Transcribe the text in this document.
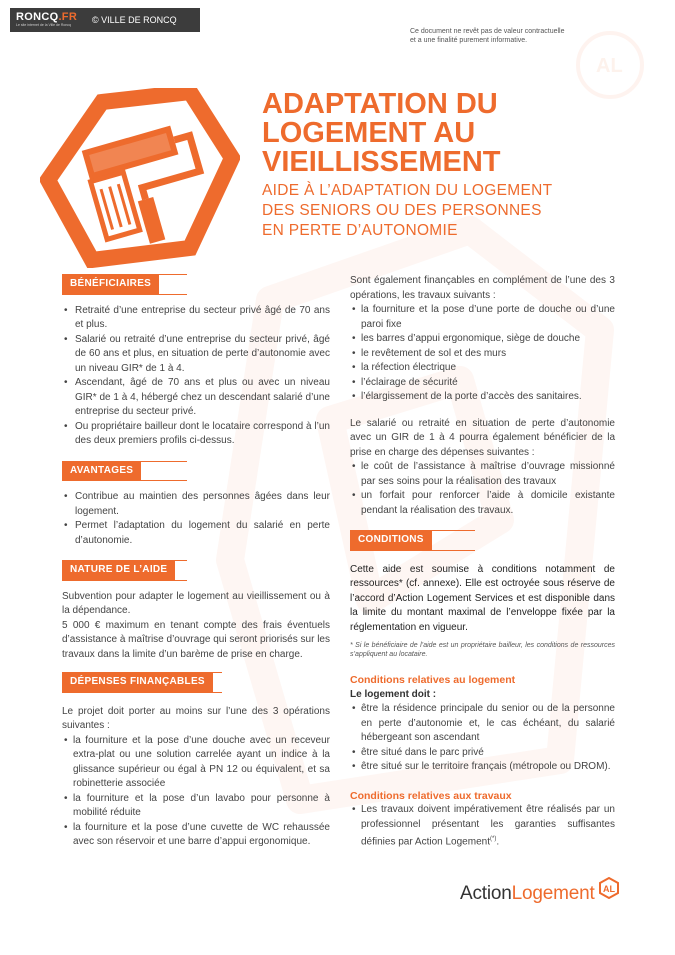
AL
RONCQ.FR
Le site internet de la Ville de Roncq	© VILLE DE RONCQ
Ce document ne revêt pas de valeur contractuelle
et a une finalité purement informative.
ADAPTATION DU
LOGEMENT AU
VIEILLISSEMENT
AIDE À L’ADAPTATION DU LOGEMENT
DES SENIORS OU DES PERSONNES
EN PERTE D’AUTONOMIE
BÉNÉFICIAIRES
• Retraité d’une entreprise du secteur privé âgé de 70 ans et plus.
• Salarié ou retraité d’une entreprise du secteur privé, âgé de 60 ans et plus, en situation de perte d’autonomie avec un niveau GIR* de 1 à 4.
• Ascendant, âgé de 70 ans et plus ou avec un niveau GIR* de 1 à 4, hébergé chez un descendant salarié d’une entreprise du secteur privé.
• Ou propriétaire bailleur dont le locataire correspond à l’un des deux premiers profils ci-dessus.
AVANTAGES
• Contribue au maintien des personnes âgées dans leur logement.
• Permet l’adaptation du logement du salarié en perte d’autonomie.
NATURE DE L’AIDE

Subvention pour adapter le logement au vieillissement ou à la dépendance.

5 000 € maximum en tenant compte des frais éventuels d’assistance à maîtrise d’ouvrage qui seront priorisés sur les travaux dans la limite d’un barème de prise en charge.

DÉPENSES FINANÇABLES

Le projet doit porter au moins sur l’une des 3 opérations suivantes :

• la fourniture et la pose d’une douche avec un receveur extra-plat ou une solution carrelée ayant un indice à la glissance supérieur ou égal à PN 12 ou équivalent, et sa robinetterie associée
• la fourniture et la pose d’un lavabo pour personne à mobilité réduite
• la fourniture et la pose d’une cuvette de WC rehaussée avec son réservoir et une barre d’appui ergonomique.

Sont également finançables en complément de l’une des 3 opérations, les travaux suivants :

• la fourniture et la pose d’une porte de douche ou d’une paroi fixe
• les barres d’appui ergonomique, siège de douche
• le revêtement de sol et des murs
• la réfection électrique
• l’éclairage de sécurité
• l’élargissement de la porte d’accès des sanitaires.

Le salarié ou retraité en situation de perte d’autonomie avec un GIR de 1 à 4 pourra également bénéficier de la prise en charge des dépenses suivantes :

• le coût de l’assistance à maîtrise d’ouvrage missionné par ses soins pour la réalisation des travaux
• un forfait pour renforcer l’aide à domicile existante pendant la réalisation des travaux.
CONDITIONS

Cette aide est soumise à conditions notamment de ressources* (cf. annexe). Elle est octroyée sous réserve de l’accord d’Action Logement Services et est disponible dans la limite du montant maximal de l’enveloppe fixée par la réglementation en vigueur.

* Si le bénéficiaire de l’aide est un propriétaire bailleur, les conditions de ressources s’appliquent au locataire.

Conditions relatives au logement
Le logement doit :
• être la résidence principale du senior ou de la personne en perte d’autonomie et, le cas échéant, du salarié hébergeant son ascendant
• être situé dans le parc privé
• être situé sur le territoire français (métropole ou DROM).
Conditions relatives aux travaux
• Les travaux doivent impérativement être réalisés par un professionnel présentant les garanties suffisantes définies par Action Logement(*).
ActionLogement AL
